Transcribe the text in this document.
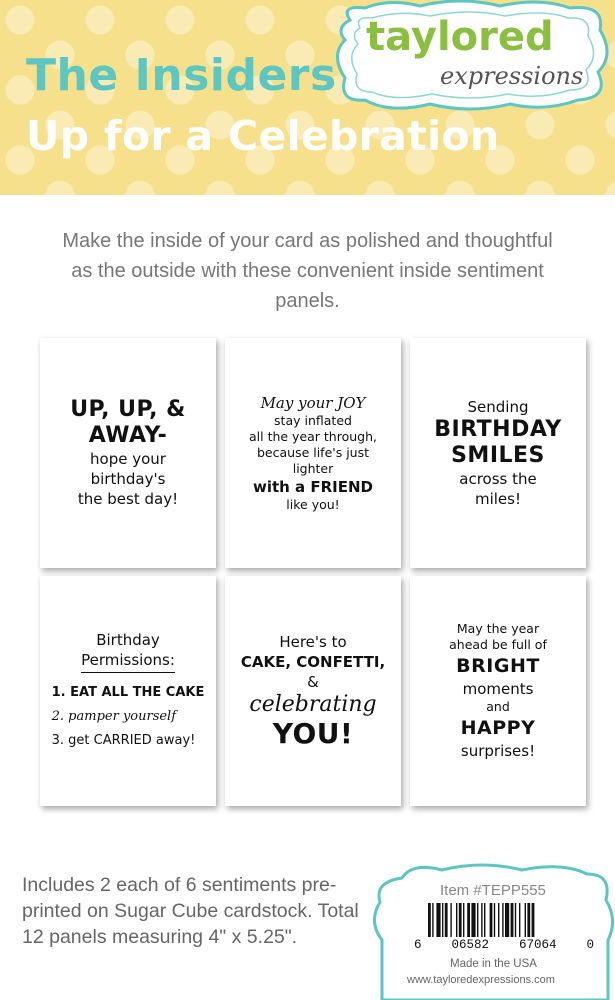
The Insiders
Up for a Celebration
taylored
expressions
Make the inside of your card as polished and thoughtful as the outside with these convenient inside sentiment panels.
UP, UP, &
AWAY-
hope your
birthday's
the best day!
May your JOY
stay inflated
all the year through,
because life's just lighter
with a FRIEND
like you!
Sending
BIRTHDAY
SMILES
across the
miles!
Birthday
Permissions:
1. EAT ALL THE CAKE
2. pamper yourself
3. get CARRIED away!
Here's to
CAKE, CONFETTI,
&
celebrating
YOU!
May the year
ahead be full of
BRIGHT
moments
and
HAPPY
surprises!
Includes 2 each of 6 sentiments pre-printed on Sugar Cube cardstock. Total 12 panels measuring 4" x 5.25".
Item #TEPP555
6 06582 67064 0
Made in the USA
www.tayloredexpressions.com
